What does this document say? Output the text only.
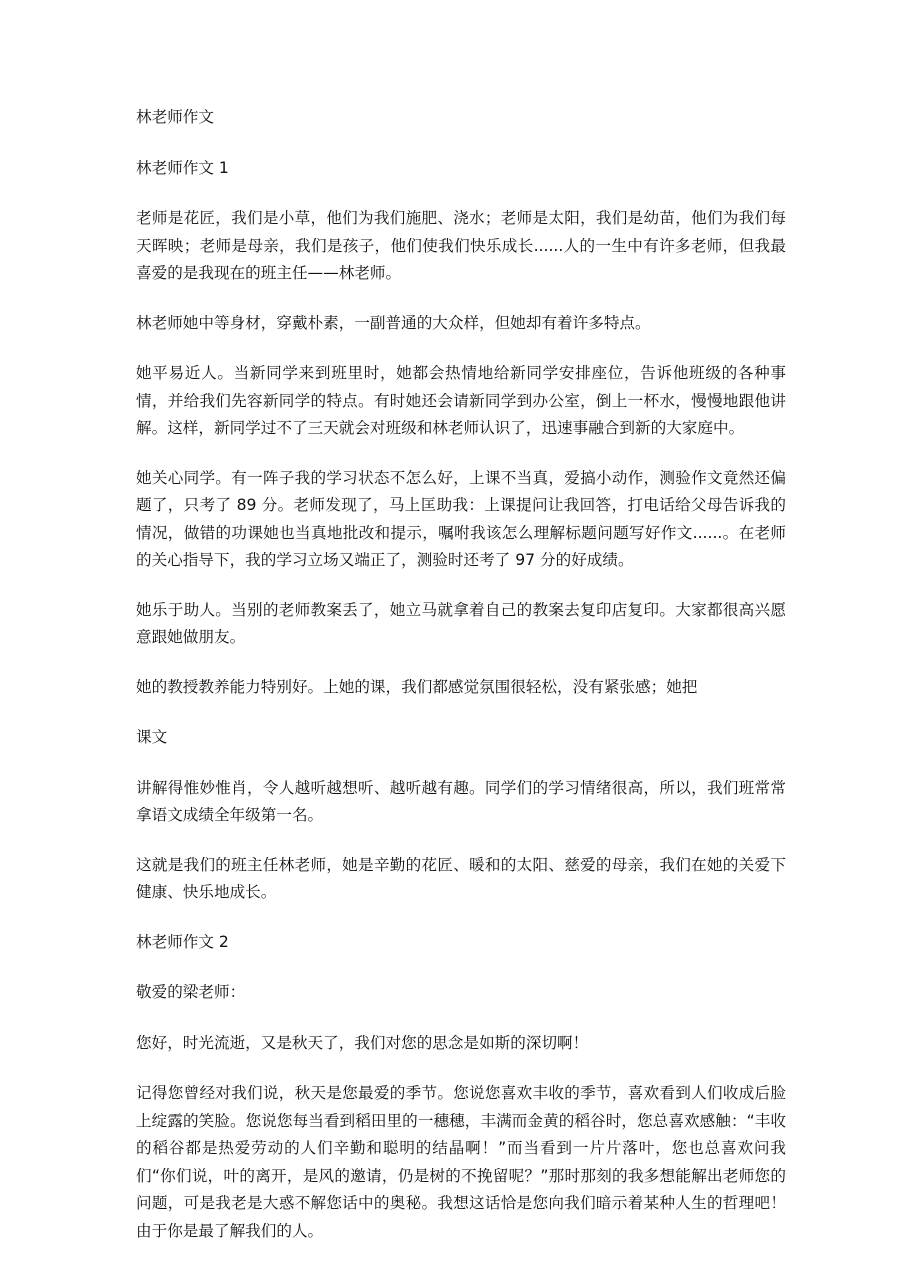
林老师作文

林老师作文 1

老师是花匠，我们是小草，他们为我们施肥、浇水；老师是太阳，我们是幼苗，他们为我们每天晖映；老师是母亲，我们是孩子，他们使我们快乐成长......人的一生中有许多老师，但我最喜爱的是我现在的班主任——林老师。

林老师她中等身材，穿戴朴素，一副普通的大众样，但她却有着许多特点。

她平易近人。当新同学来到班里时，她都会热情地给新同学安排座位，告诉他班级的各种事情，并给我们先容新同学的特点。有时她还会请新同学到办公室，倒上一杯水，慢慢地跟他讲解。这样，新同学过不了三天就会对班级和林老师认识了，迅速事融合到新的大家庭中。

她关心同学。有一阵子我的学习状态不怎么好，上课不当真，爱搞小动作，测验作文竟然还偏题了，只考了 89 分。老师发现了，马上匡助我：上课提问让我回答，打电话给父母告诉我的情况，做错的功课她也当真地批改和提示，嘱咐我该怎么理解标题问题写好作文......。在老师的关心指导下，我的学习立场又端正了，测验时还考了 97 分的好成绩。

她乐于助人。当别的老师教案丢了，她立马就拿着自己的教案去复印店复印。大家都很高兴愿意跟她做朋友。

她的教授教养能力特别好。上她的课，我们都感觉氛围很轻松，没有紧张感；她把

课文

讲解得惟妙惟肖，令人越听越想听、越听越有趣。同学们的学习情绪很高，所以，我们班常常拿语文成绩全年级第一名。

这就是我们的班主任林老师，她是辛勤的花匠、暖和的太阳、慈爱的母亲，我们在她的关爱下健康、快乐地成长。

林老师作文 2

敬爱的梁老师：

您好，时光流逝，又是秋天了，我们对您的思念是如斯的深切啊！

记得您曾经对我们说，秋天是您最爱的季节。您说您喜欢丰收的季节，喜欢看到人们收成后脸上绽露的笑脸。您说您每当看到稻田里的一穗穗，丰满而金黄的稻谷时，您总喜欢感触：“丰收的稻谷都是热爱劳动的人们辛勤和聪明的结晶啊！”而当看到一片片落叶，您也总喜欢问我们“你们说，叶的离开，是风的邀请，仍是树的不挽留呢？”那时那刻的我多想能解出老师您的问题，可是我老是大惑不解您话中的奥秘。我想这话恰是您向我们暗示着某种人生的哲理吧！由于你是最了解我们的人。
